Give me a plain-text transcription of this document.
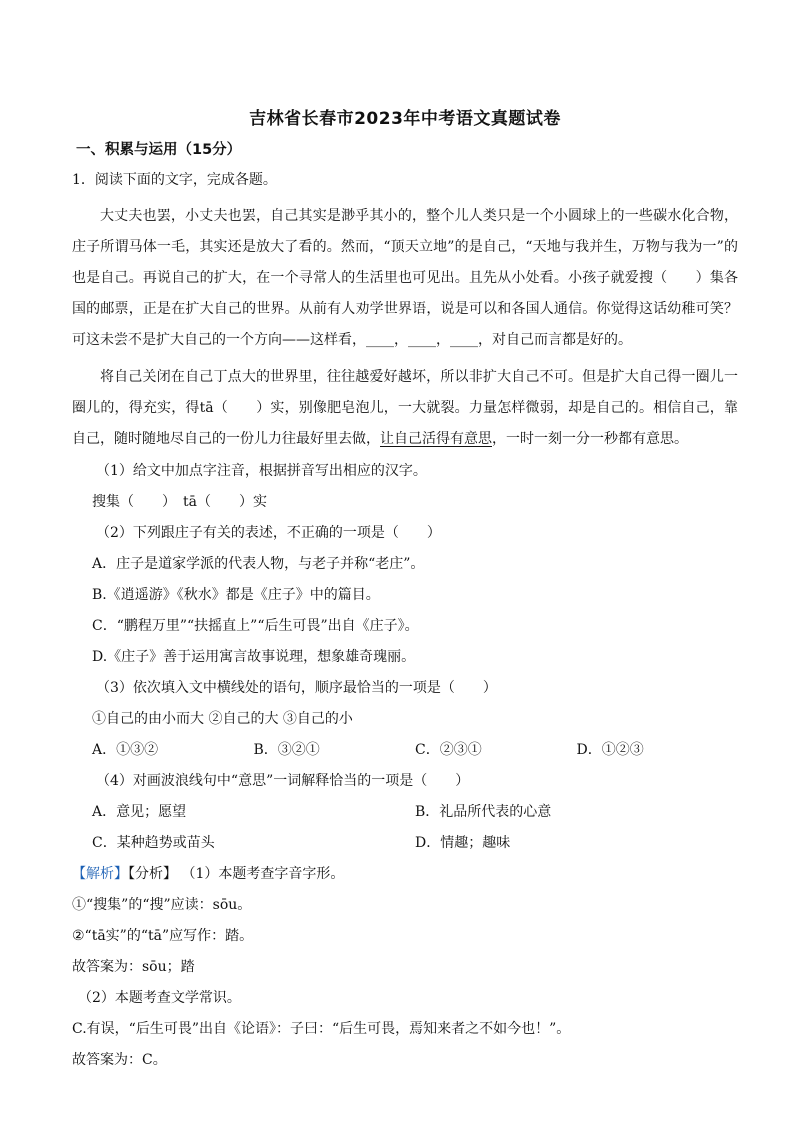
吉林省长春市2023年中考语文真题试卷
一、积累与运用（15分）
1．阅读下面的文字，完成各题。

大丈夫也罢，小丈夫也罢，自己其实是渺乎其小的，整个儿人类只是一个小圆球上的一些碳水化合物，庄子所谓马体一毛，其实还是放大了看的。然而，“顶天立地”的是自己，“天地与我并生，万物与我为一”的也是自己。再说自己的扩大，在一个寻常人的生活里也可见出。且先从小处看。小孩子就爱搜（　　）集各国的邮票，正是在扩大自己的世界。从前有人劝学世界语，说是可以和各国人通信。你觉得这话幼稚可笑？可这未尝不是扩大自己的一个方向——这样看，____，____，____，对自己而言都是好的。

将自己关闭在自己丁点大的世界里，往往越爱好越坏，所以非扩大自己不可。但是扩大自己得一圈儿一圈儿的，得充实，得tā（　　）实，别像肥皂泡儿，一大就裂。力量怎样微弱，却是自己的。相信自己，靠自己，随时随地尽自己的一份儿力往最好里去做，让自己活得有意思，一时一刻一分一秒都有意思。

（1）给文中加点字注音，根据拼音写出相应的汉字。
搜集（　　）　tā（　　）实
（2）下列跟庄子有关的表述，不正确的一项是（　　）
A．庄子是道家学派的代表人物，与老子并称“老庄”。
B.《逍遥游》《秋水》都是《庄子》中的篇目。
C．“鹏程万里”“扶摇直上”“后生可畏”出自《庄子》。
D.《庄子》善于运用寓言故事说理，想象雄奇瑰丽。
（3）依次填入文中横线处的语句，顺序最恰当的一项是（　　）
①自己的由小而大 ②自己的大 ③自己的小
A．①③②	B．③②①	C．②③①	D．①②③
（4）对画波浪线句中“意思”一词解释恰当的一项是（　　）
A．意见；愿望	B．礼品所代表的心意
C．某种趋势或苗头	D．情趣；趣味
【解析】【分析】 （1）本题考查字音字形。
①“搜集”的“搜”应读：sōu。
②“tā实”的“tā”应写作：踏。
故答案为：sōu；踏
（2）本题考查文学常识。
C.有误，“后生可畏”出自《论语》：子曰：“后生可畏，焉知来者之不如今也！”。
故答案为：C。
